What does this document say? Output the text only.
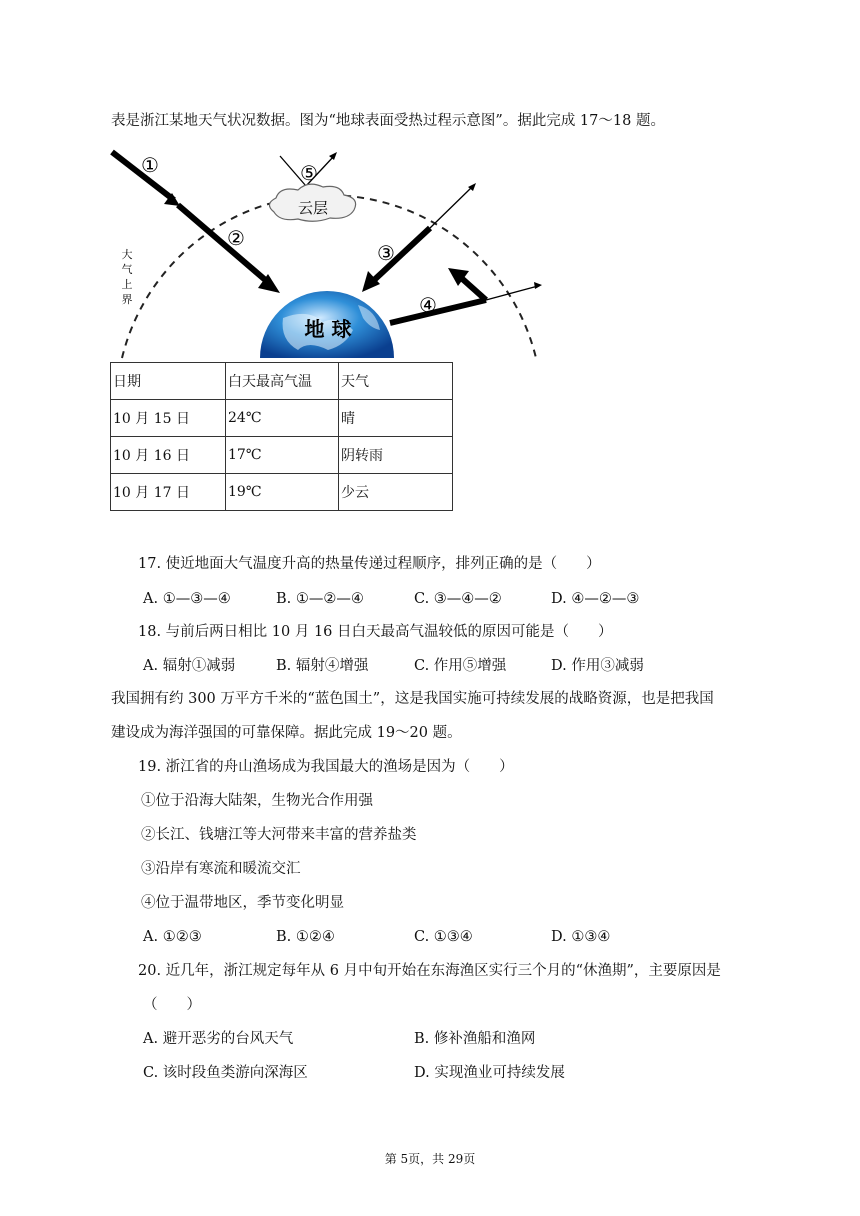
表是浙江某地天气状况数据。图为“地球表面受热过程示意图”。据此完成 17～18 题。
①
②
③
④
⑤
云层
地 球
大
气
上
界
日期	白天最高气温	天气
10 月 15 日	24℃	晴
10 月 16 日	17℃	阴转雨
10 月 17 日	19℃	少云
17. 使近地面大气温度升高的热量传递过程顺序，排列正确的是（　　）
A. ①—③—④	B. ①—②—④	C. ③—④—②	D. ④—②—③
18. 与前后两日相比 10 月 16 日白天最高气温较低的原因可能是（　　）
A. 辐射①减弱	B. 辐射④增强	C. 作用⑤增强	D. 作用③减弱
我国拥有约 300 万平方千米的“蓝色国土”，这是我国实施可持续发展的战略资源，也是把我国
建设成为海洋强国的可靠保障。据此完成 19～20 题。
19. 浙江省的舟山渔场成为我国最大的渔场是因为（　　）
①位于沿海大陆架，生物光合作用强
②长江、钱塘江等大河带来丰富的营养盐类
③沿岸有寒流和暖流交汇
④位于温带地区，季节变化明显
A. ①②③	B. ①②④	C. ①③④	D. ①③④
20. 近几年，浙江规定每年从 6 月中旬开始在东海渔区实行三个月的“休渔期”，主要原因是
（　　）
A. 避开恶劣的台风天气	B. 修补渔船和渔网
C. 该时段鱼类游向深海区	D. 实现渔业可持续发展
第 5页，共 29页
